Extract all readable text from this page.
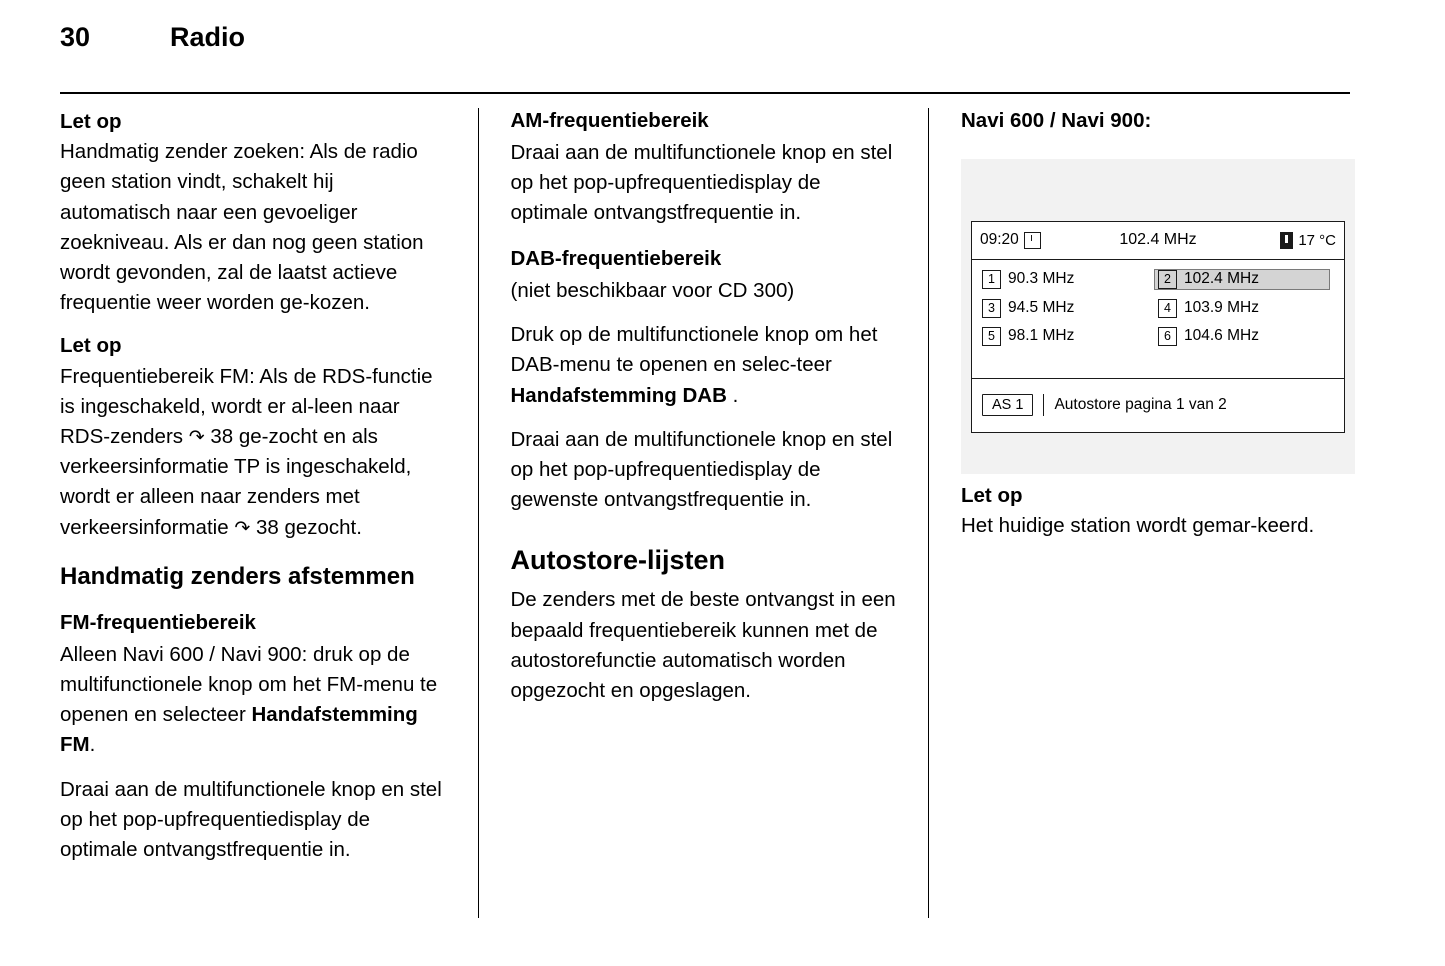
30	Radio
Let op

Handmatig zender zoeken: Als de radio geen station vindt, schakelt hij automatisch naar een gevoeliger zoekniveau. Als er dan nog geen station wordt gevonden, zal de laatst actieve frequentie weer worden ge-kozen.

Let op

Frequentiebereik FM: Als de RDS-functie is ingeschakeld, wordt er al-leen naar RDS-zenders ↷ 38 ge-zocht en als verkeersinformatie TP is ingeschakeld, wordt er alleen naar zenders met verkeersinformatie ↷ 38 gezocht.

Handmatig zenders afstemmen
FM-frequentiebereik

Alleen Navi 600 / Navi 900: druk op de multifunctionele knop om het FM-menu te openen en selecteer Handafstemming FM.

Draai aan de multifunctionele knop en stel op het pop-upfrequentiedisplay de optimale ontvangstfrequentie in.

AM-frequentiebereik

Draai aan de multifunctionele knop en stel op het pop-upfrequentiedisplay de optimale ontvangstfrequentie in.

DAB-frequentiebereik

(niet beschikbaar voor CD 300)

Druk op de multifunctionele knop om het DAB-menu te openen en selec-teer Handafstemming DAB .

Draai aan de multifunctionele knop en stel op het pop-upfrequentiedisplay de gewenste ontvangstfrequentie in.

Autostore-lijsten

De zenders met de beste ontvangst in een bepaald frequentiebereik kunnen met de autostorefunctie automatisch worden opgezocht en opgeslagen.

Navi 600 / Navi 900:
09:20	102.4 MHz	17 °C
1 90.3 MHz	2 102.4 MHz
3 94.5 MHz	4 103.9 MHz
5 98.1 MHz	6 104.6 MHz
AS 1	Autostore pagina 1 van 2
Let op

Het huidige station wordt gemar-keerd.
